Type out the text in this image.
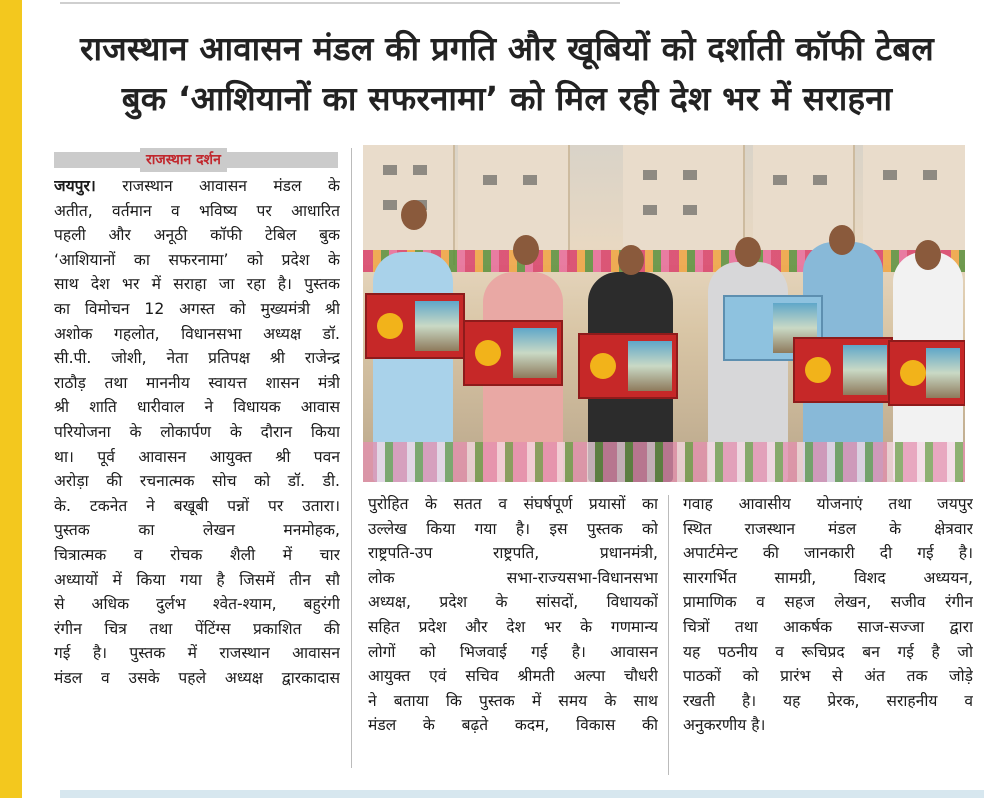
राजस्थान आवासन मंडल की प्रगति और खूबियों को दर्शाती कॉफी टेबल
बुक ‘आशियानों का सफरनामा’ को मिल रही देश भर में सराहना
राजस्थान दर्शन
जयपुर। राजस्थान आवासन मंडल के
अतीत, वर्तमान व भविष्य पर आधारित
पहली और अनूठी कॉफी टेबिल बुक
‘आशियानों का सफरनामा’ को प्रदेश के
साथ देश भर में सराहा जा रहा है। पुस्तक
का विमोचन 12 अगस्त को मुख्यमंत्री श्री
अशोक गहलोत, विधानसभा अध्यक्ष डॉ.
सी.पी. जोशी, नेता प्रतिपक्ष श्री राजेन्द्र
राठौड़ तथा माननीय स्वायत्त शासन मंत्री
श्री शाति धारीवाल ने विधायक आवास
परियोजना के लोकार्पण के दौरान किया
था। पूर्व आवासन आयुक्त श्री पवन
अरोड़ा की रचनात्मक सोच को डॉ. डी.
के. टकनेत ने बखूबी पन्नों पर उतारा।
पुस्तक का लेखन मनमोहक,
चित्रात्मक व रोचक शैली में चार
अध्यायों में किया गया है जिसमें तीन सौ
से अधिक दुर्लभ श्वेत-श्याम, बहुरंगी
रंगीन चित्र तथा पेंटिंग्स प्रकाशित की
गई है। पुस्तक में राजस्थान आवासन
मंडल व उसके पहले अध्यक्ष द्वारकादास
पुरोहित के सतत व संघर्षपूर्ण प्रयासों का
उल्लेख किया गया है। इस पुस्तक को
राष्ट्रपति-उप राष्ट्रपति, प्रधानमंत्री,
लोक सभा-राज्यसभा-विधानसभा
अध्यक्ष, प्रदेश के सांसदों, विधायकों
सहित प्रदेश और देश भर के गणमान्य
लोगों को भिजवाई गई है। आवासन
आयुक्त एवं सचिव श्रीमती अल्पा चौधरी
ने बताया कि पुस्तक में समय के साथ
मंडल के बढ़ते कदम, विकास की
गवाह आवासीय योजनाएं तथा जयपुर
स्थित राजस्थान मंडल के क्षेत्रवार
अपार्टमेन्ट की जानकारी दी गई है।
सारगर्भित सामग्री, विशद अध्ययन,
प्रामाणिक व सहज लेखन, सजीव रंगीन
चित्रों तथा आकर्षक साज-सज्जा द्वारा
यह पठनीय व रूचिप्रद बन गई है जो
पाठकों को प्रारंभ से अंत तक जोड़े
रखती है। यह प्रेरक, सराहनीय व
अनुकरणीय है।
